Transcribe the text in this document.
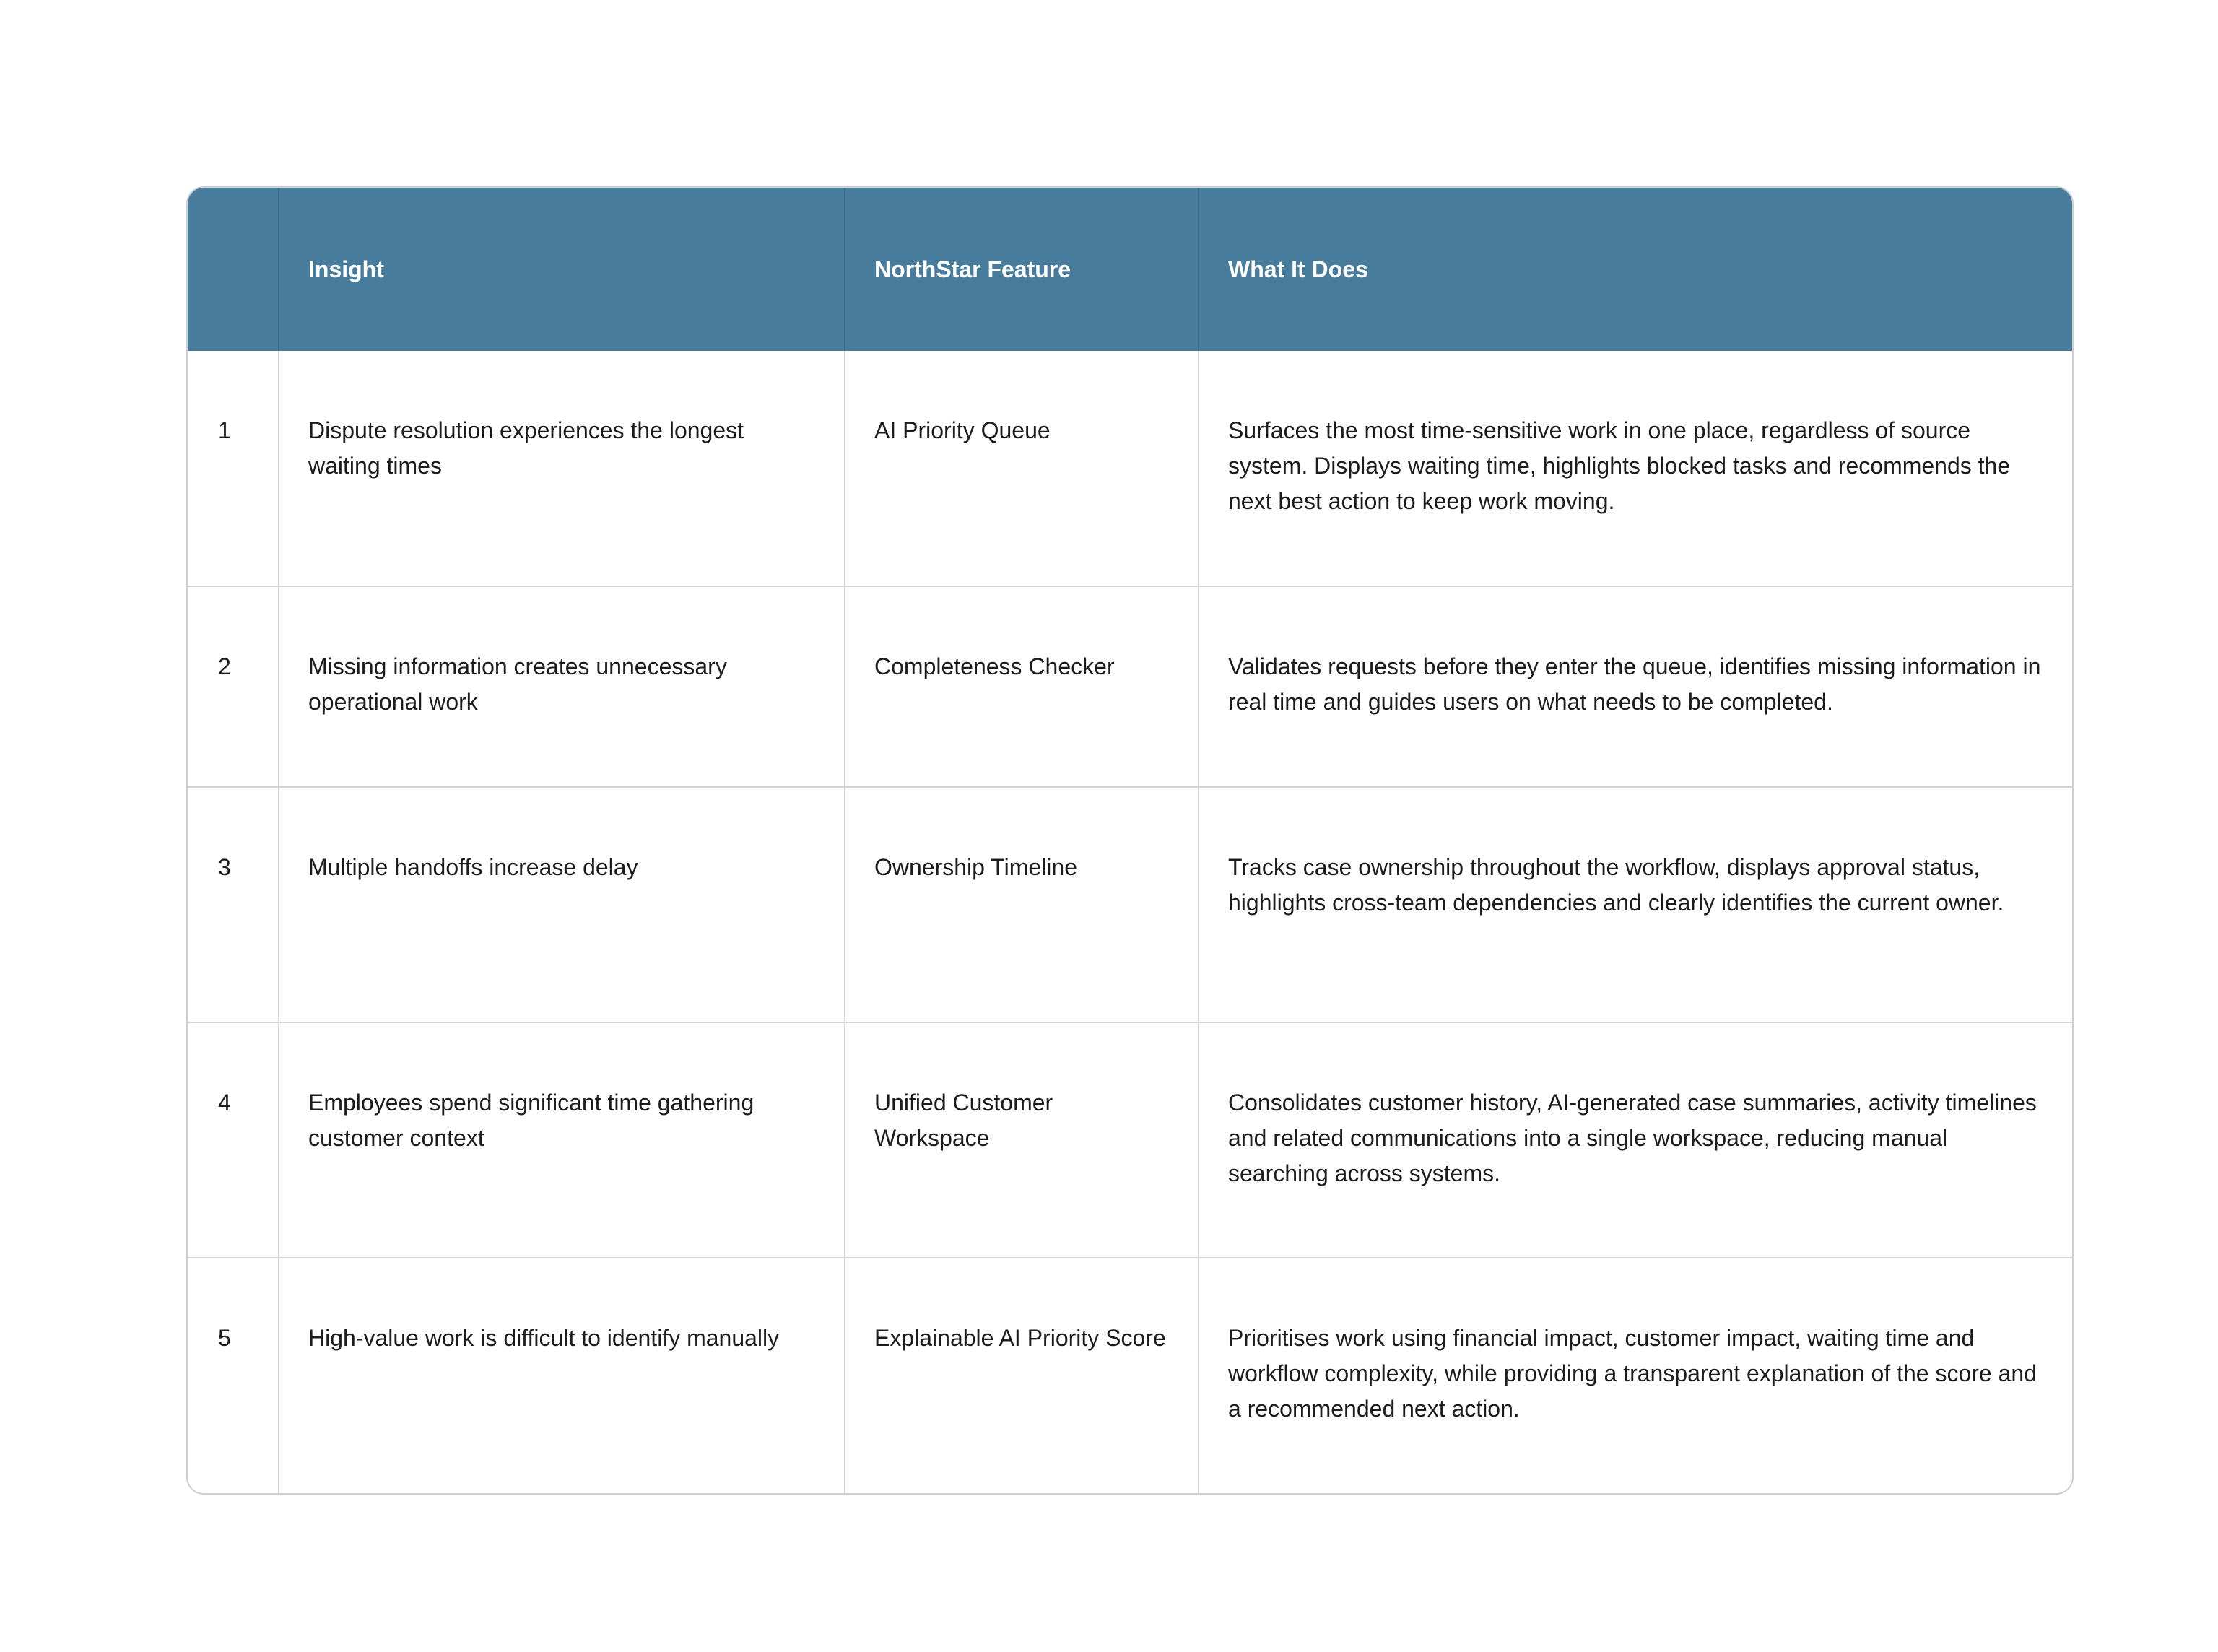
	Insight	NorthStar Feature	What It Does
1	Dispute resolution experiences the longest waiting times	AI Priority Queue	Surfaces the most time-sensitive work in one place, regardless of source system. Displays waiting time, highlights blocked tasks and recommends the next best action to keep work moving.
2	Missing information creates unnecessary operational work	Completeness Checker	Validates requests before they enter the queue, identifies missing information in real time and guides users on what needs to be completed.
3	Multiple handoffs increase delay	Ownership Timeline	Tracks case ownership throughout the workflow, displays approval status, highlights cross-team dependencies and clearly identifies the current owner.
4	Employees spend significant time gathering customer context	Unified Customer Workspace	Consolidates customer history, AI-generated case summaries, activity timelines and related communications into a single workspace, reducing manual searching across systems.
5	High-value work is difficult to identify manually	Explainable AI Priority Score	Prioritises work using financial impact, customer impact, waiting time and workflow complexity, while providing a transparent explanation of the score and a recommended next action.
